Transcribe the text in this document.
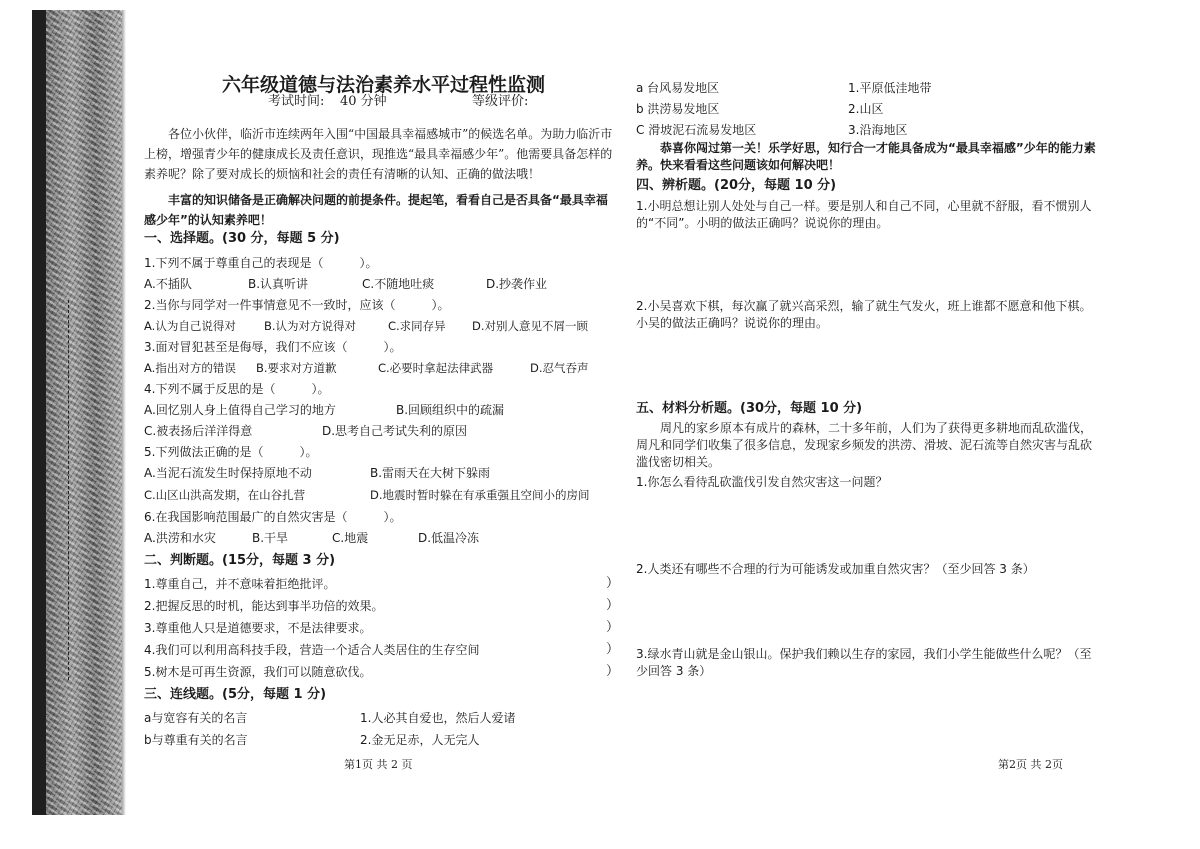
六年级道德与法治素养水平过程性监测
考试时间: 40 分钟	等级评价:
各位小伙伴，临沂市连续两年入围“中国最具幸福感城市”的候选名单。为助力临沂市上榜，增强青少年的健康成长及责任意识，现推选“最具幸福感少年”。他需要具备怎样的素养呢？除了要对成长的烦恼和社会的责任有清晰的认知、正确的做法哦！
丰富的知识储备是正确解决问题的前提条件。提起笔，看看自己是否具备“最具幸福感少年”的认知素养吧！
一、选择题。(30 分，每题 5 分)
1.下列不属于尊重自己的表现是（　　　）。
A.不插队	B.认真听讲	C.不随地吐痰	D.抄袭作业
2.当你与同学对一件事情意见不一致时，应该（　　　）。
A.认为自己说得对 B.认为对方说得对	C.求同存异 D.对别人意见不屑一顾
3.面对冒犯甚至是侮辱，我们不应该（　　　）。
A.指出对方的错误 B.要求对方道歉	C.必要时拿起法律武器	D.忍气吞声
4.下列不属于反思的是（　　　）。
A.回忆别人身上值得自己学习的地方	B.回顾组织中的疏漏
C.被表扬后洋洋得意	D.思考自己考试失利的原因
5.下列做法正确的是（　　　）。
A.当泥石流发生时保持原地不动	B.雷雨天在大树下躲雨
C.山区山洪高发期，在山谷扎营	D.地震时暂时躲在有承重强且空间小的房间
6.在我国影响范围最广的自然灾害是（　　　）。
A.洪涝和水灾	B.干旱	C.地震	D.低温冷冻
二、判断题。(15分，每题 3 分)
1.尊重自己，并不意味着拒绝批评。	）
2.把握反思的时机，能达到事半功倍的效果。	）
3.尊重他人只是道德要求，不是法律要求。	）
4.我们可以利用高科技手段，营造一个适合人类居住的生存空间	）
5.树木是可再生资源，我们可以随意砍伐。	）
三、连线题。(5分，每题 1 分)
a与宽容有关的名言	1.人必其自爱也，然后人爱诸
b与尊重有关的名言	2.金无足赤，人无完人
第1页 共 2 页
a 台风易发地区	1.平原低洼地带
b 洪涝易发地区	2.山区
C 滑坡泥石流易发地区	3.沿海地区
恭喜你闯过第一关！乐学好思，知行合一才能具备成为“最具幸福感”少年的能力素养。快来看看这些问题该如何解决吧！
四、辨析题。(20分，每题 10 分)
1.小明总想让别人处处与自己一样。要是别人和自己不同，心里就不舒服，看不惯别人的“不同”。小明的做法正确吗？说说你的理由。
2.小吴喜欢下棋，每次赢了就兴高采烈，输了就生气发火，班上谁都不愿意和他下棋。小吴的做法正确吗？说说你的理由。
五、材料分析题。(30分，每题 10 分)
周凡的家乡原本有成片的森林，二十多年前，人们为了获得更多耕地而乱砍滥伐，周凡和同学们收集了很多信息，发现家乡频发的洪涝、滑坡、泥石流等自然灾害与乱砍滥伐密切相关。
1.你怎么看待乱砍滥伐引发自然灾害这一问题？
2.人类还有哪些不合理的行为可能诱发或加重自然灾害？（至少回答 3 条）
3.绿水青山就是金山银山。保护我们赖以生存的家园，我们小学生能做些什么呢？（至少回答 3 条）
第2页 共 2页
